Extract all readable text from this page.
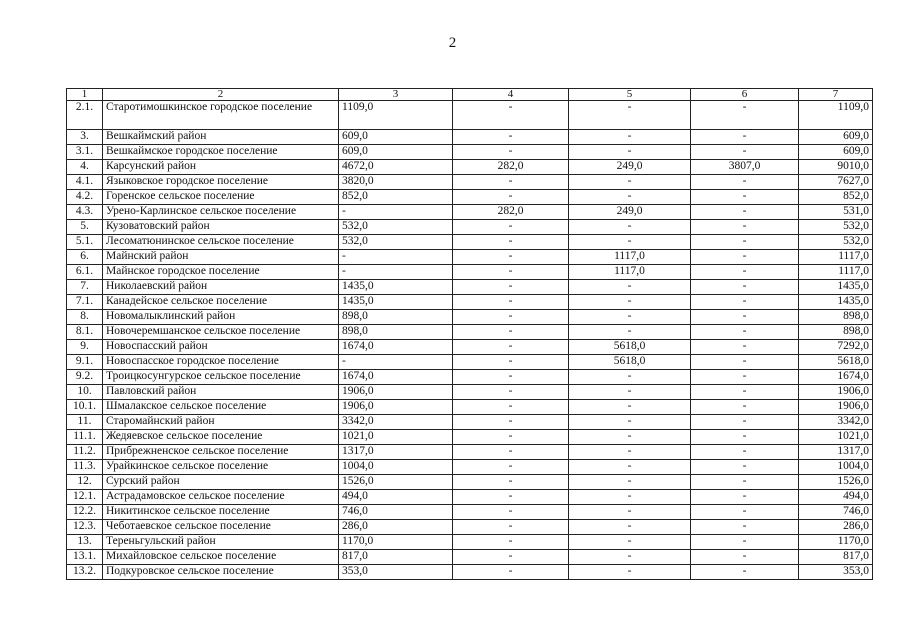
2
1	2	3	4	5	6	7
2.1.	Старотимошкинское городское поселение	1109,0	-	-	-	1109,0
3.	Вешкаймский район	609,0	-	-	-	609,0
3.1.	Вешкаймское городское поселение	609,0	-	-	-	609,0
4.	Карсунский район	4672,0	282,0	249,0	3807,0	9010,0
4.1.	Языковское городское поселение	3820,0	-	-	-	7627,0
4.2.	Горенское сельское поселение	852,0	-	-	-	852,0
4.3.	Урено-Карлинское сельское поселение	-	282,0	249,0	-	531,0
5.	Кузоватовский район	532,0	-	-	-	532,0
5.1.	Лесоматюнинское сельское поселение	532,0	-	-	-	532,0
6.	Майнский район	-	-	1117,0	-	1117,0
6.1.	Майнское городское поселение	-	-	1117,0	-	1117,0
7.	Николаевский район	1435,0	-	-	-	1435,0
7.1.	Канадейское сельское поселение	1435,0	-	-	-	1435,0
8.	Новомалыклинский район	898,0	-	-	-	898,0
8.1.	Новочеремшанское сельское поселение	898,0	-	-	-	898,0
9.	Новоспасский район	1674,0	-	5618,0	-	7292,0
9.1.	Новоспасское городское поселение	-	-	5618,0	-	5618,0
9.2.	Троицкосунгурское сельское поселение	1674,0	-	-	-	1674,0
10.	Павловский район	1906,0	-	-	-	1906,0
10.1.	Шмалакское сельское поселение	1906,0	-	-	-	1906,0
11.	Старомайнский район	3342,0	-	-	-	3342,0
11.1.	Жедяевское сельское поселение	1021,0	-	-	-	1021,0
11.2.	Прибрежненское сельское поселение	1317,0	-	-	-	1317,0
11.3.	Урайкинское сельское поселение	1004,0	-	-	-	1004,0
12.	Сурский район	1526,0	-	-	-	1526,0
12.1.	Астрадамовское сельское поселение	494,0	-	-	-	494,0
12.2.	Никитинское сельское поселение	746,0	-	-	-	746,0
12.3.	Чеботаевское сельское поселение	286,0	-	-	-	286,0
13.	Тереньгульский район	1170,0	-	-	-	1170,0
13.1.	Михайловское сельское поселение	817,0	-	-	-	817,0
13.2.	Подкуровское сельское поселение	353,0	-	-	-	353,0
